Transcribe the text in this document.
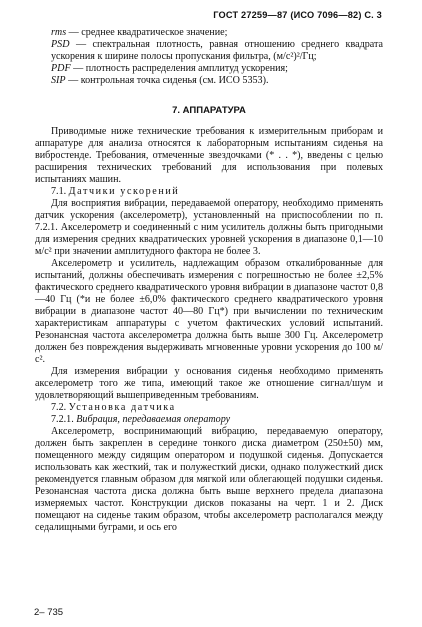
ГОСТ 27259—87 (ИСО 7096—82) С. 3
rms — среднее квадратическое значение;
PSD — спектральная плотность, равная отношению среднего квадрата ускорения к ширине полосы пропускания фильтра, (м/с²)²/Гц;
PDF — плотность распределения амплитуд ускорения;
SIP — контрольная точка сиденья (см. ИСО 5353).
7. АППАРАТУРА

Приводимые ниже технические требования к измерительным приборам и аппаратуре для анализа относятся к лабораторным испытаниям сиденья на вибростенде. Требования, отмеченные звездочками (* . . *), введены с целью расширения технических требований для использования при полевых испытаниях машин.

7.1. Датчики ускорений

Для восприятия вибрации, передаваемой оператору, необходимо применять датчик ускорения (акселерометр), установленный на приспособлении по п. 7.2.1. Акселерометр и соединенный с ним усилитель должны быть пригодными для измерения средних квадратических уровней ускорения в диапазоне 0,1—10 м/с² при значении амплитудного фактора не более 3.

Акселерометр и усилитель, надлежащим образом откалиброванные для испытаний, должны обеспечивать измерения с погрешностью не более ±2,5% фактического среднего квадратического уровня вибрации в диапазоне частот 0,8—40 Гц (*и не более ±6,0% фактического среднего квадратического уровня вибрации в диапазоне частот 40—80 Гц*) при вычислении по техническим характеристикам аппаратуры с учетом фактических условий испытаний. Резонансная частота акселерометра должна быть выше 300 Гц. Акселерометр должен без повреждения выдерживать мгновенные уровни ускорения до 100 м/с².

Для измерения вибрации у основания сиденья необходимо применять акселерометр того же типа, имеющий такое же отношение сигнал/шум и удовлетворяющий вышеприведенным требованиям.

7.2. Установка датчика
7.2.1. Вибрация, передаваемая оператору

Акселерометр, воспринимающий вибрацию, передаваемую оператору, должен быть закреплен в середине тонкого диска диаметром (250±50) мм, помещенного между сидящим оператором и подушкой сиденья. Допускается использовать как жесткий, так и полужесткий диски, однако полужесткий диск рекомендуется главным образом для мягкой или облегающей подушки сиденья. Резонансная частота диска должна быть выше верхнего предела диапазона измеряемых частот. Конструкции дисков показаны на черт. 1 и 2. Диск помещают на сиденье таким образом, чтобы акселерометр располагался между седалищными буграми, и ось его

2– 735
